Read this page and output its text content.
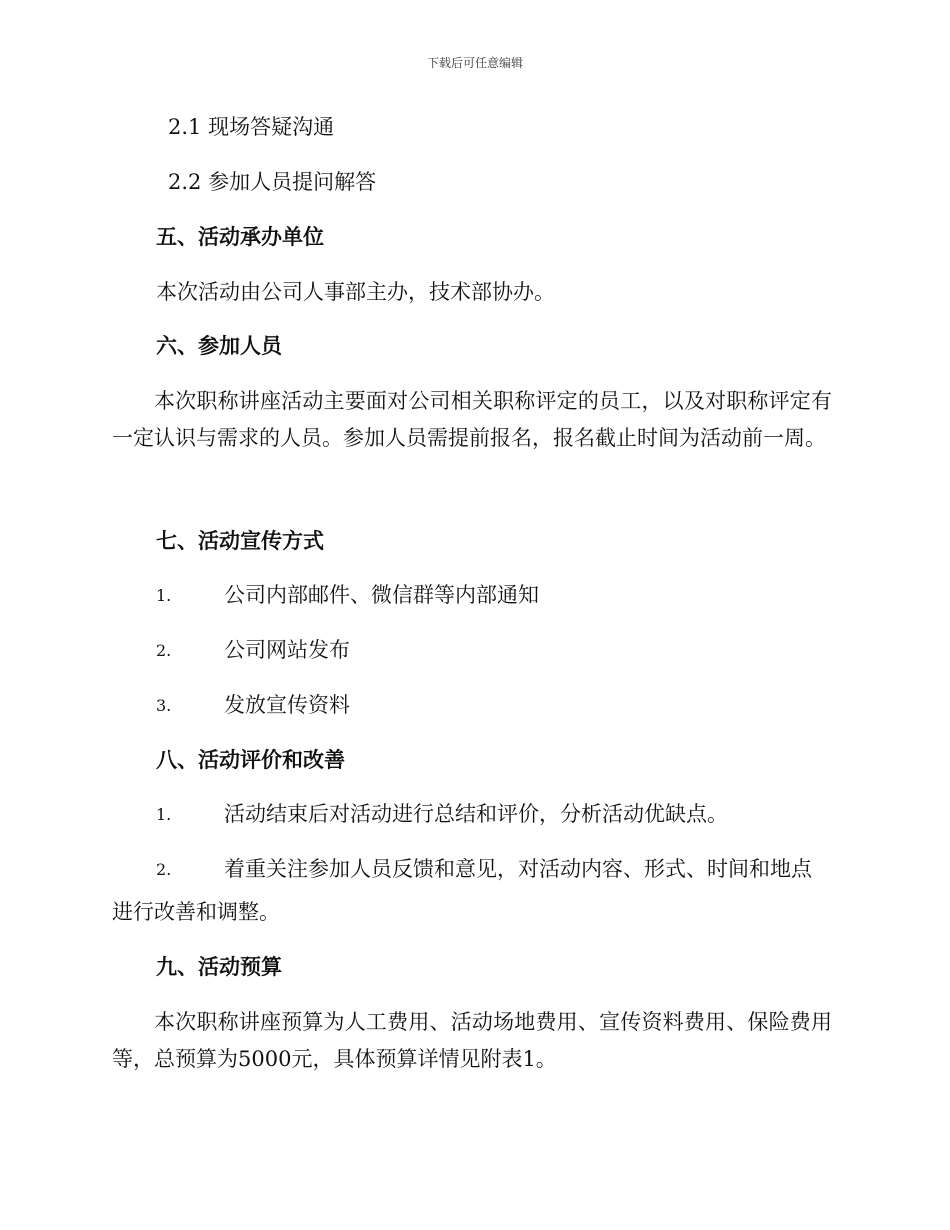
下载后可任意编辑
2.1 现场答疑沟通
2.2 参加人员提问解答
五、活动承办单位
本次活动由公司人事部主办，技术部协办。
六、参加人员
本次职称讲座活动主要面对公司相关职称评定的员工，以及对职称评定有一定认识与需求的人员。参加人员需提前报名，报名截止时间为活动前一周。
七、活动宣传方式
1.	公司内部邮件、微信群等内部通知
2.	公司网站发布
3.	发放宣传资料
八、活动评价和改善
1.	活动结束后对活动进行总结和评价，分析活动优缺点。
2.	着重关注参加人员反馈和意见，对活动内容、形式、时间和地点
进行改善和调整。
九、活动预算
本次职称讲座预算为人工费用、活动场地费用、宣传资料费用、保险费用等，总预算为5000元，具体预算详情见附表1。
